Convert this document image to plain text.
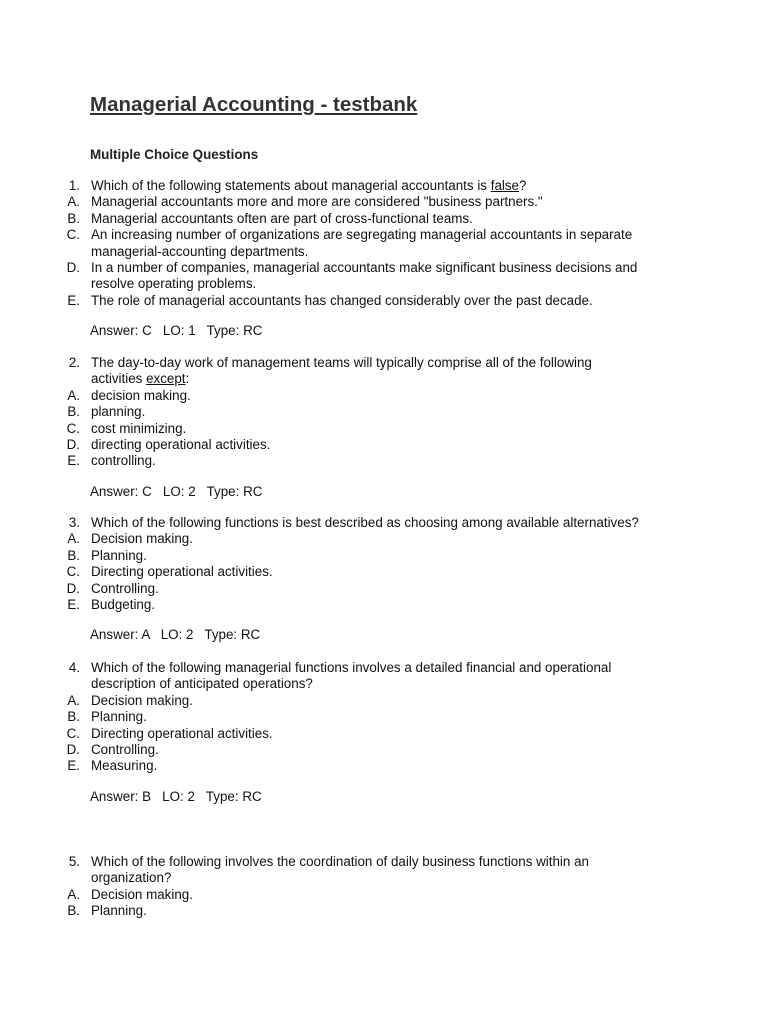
Managerial Accounting - testbank
Multiple Choice Questions
1. Which of the following statements about managerial accountants is false?
A. Managerial accountants more and more are considered "business partners."
B. Managerial accountants often are part of cross-functional teams.
C. An increasing number of organizations are segregating managerial accountants in separate
managerial-accounting departments.
D. In a number of companies, managerial accountants make significant business decisions and
resolve operating problems.
E. The role of managerial accountants has changed considerably over the past decade.
Answer: C   LO: 1   Type: RC
2. The day-to-day work of management teams will typically comprise all of the following
activities except:
A. decision making.
B. planning.
C. cost minimizing.
D. directing operational activities.
E. controlling.
Answer: C   LO: 2   Type: RC
3. Which of the following functions is best described as choosing among available alternatives?
A. Decision making.
B. Planning.
C. Directing operational activities.
D. Controlling.
E. Budgeting.
Answer: A   LO: 2   Type: RC
4. Which of the following managerial functions involves a detailed financial and operational
description of anticipated operations?
A. Decision making.
B. Planning.
C. Directing operational activities.
D. Controlling.
E. Measuring.
Answer: B   LO: 2   Type: RC
5. Which of the following involves the coordination of daily business functions within an
organization?
A. Decision making.
B. Planning.
